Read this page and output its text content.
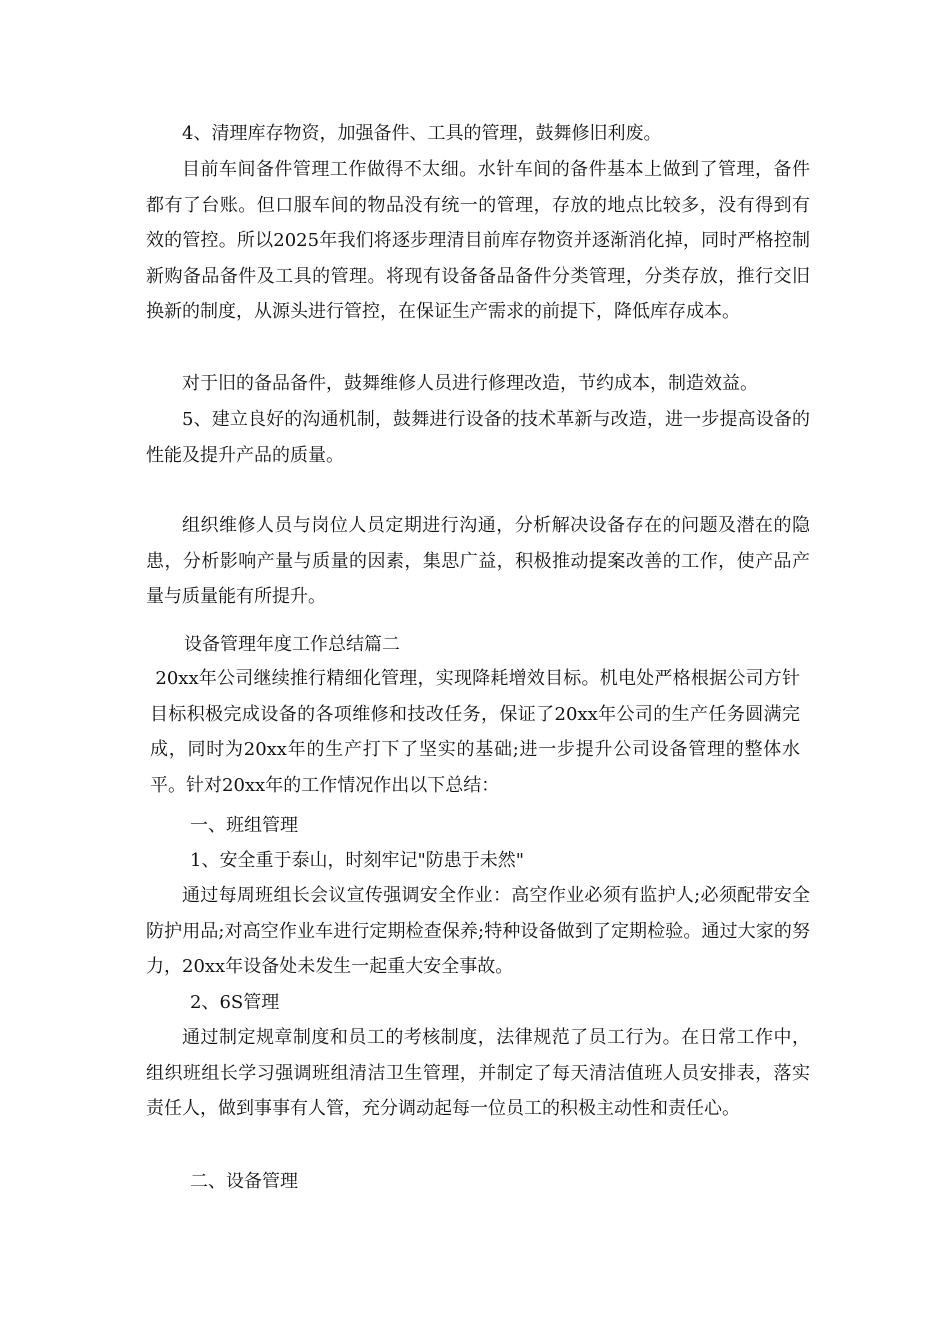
4、清理库存物资，加强备件、工具的管理，鼓舞修旧利废。

目前车间备件管理工作做得不太细。水针车间的备件基本上做到了管理，备件都有了台账。但口服车间的物品没有统一的管理，存放的地点比较多，没有得到有效的管控。所以2025年我们将逐步理清目前库存物资并逐渐消化掉，同时严格控制新购备品备件及工具的管理。将现有设备备品备件分类管理，分类存放，推行交旧换新的制度，从源头进行管控，在保证生产需求的前提下，降低库存成本。

对于旧的备品备件，鼓舞维修人员进行修理改造，节约成本，制造效益。

5、建立良好的沟通机制，鼓舞进行设备的技术革新与改造，进一步提高设备的性能及提升产品的质量。

组织维修人员与岗位人员定期进行沟通，分析解决设备存在的问题及潜在的隐患，分析影响产量与质量的因素，集思广益，积极推动提案改善的工作，使产品产量与质量能有所提升。

设备管理年度工作总结篇二

20xx年公司继续推行精细化管理，实现降耗增效目标。机电处严格根据公司方针目标积极完成设备的各项维修和技改任务，保证了20xx年公司的生产任务圆满完成，同时为20xx年的生产打下了坚实的基础;进一步提升公司设备管理的整体水平。针对20xx年的工作情况作出以下总结：

一、班组管理

1、安全重于泰山，时刻牢记"防患于未然"

通过每周班组长会议宣传强调安全作业：高空作业必须有监护人;必须配带安全防护用品;对高空作业车进行定期检查保养;特种设备做到了定期检验。通过大家的努力，20xx年设备处未发生一起重大安全事故。

2、6S管理

通过制定规章制度和员工的考核制度，法律规范了员工行为。在日常工作中，组织班组长学习强调班组清洁卫生管理，并制定了每天清洁值班人员安排表，落实责任人，做到事事有人管，充分调动起每一位员工的积极主动性和责任心。

二、设备管理
